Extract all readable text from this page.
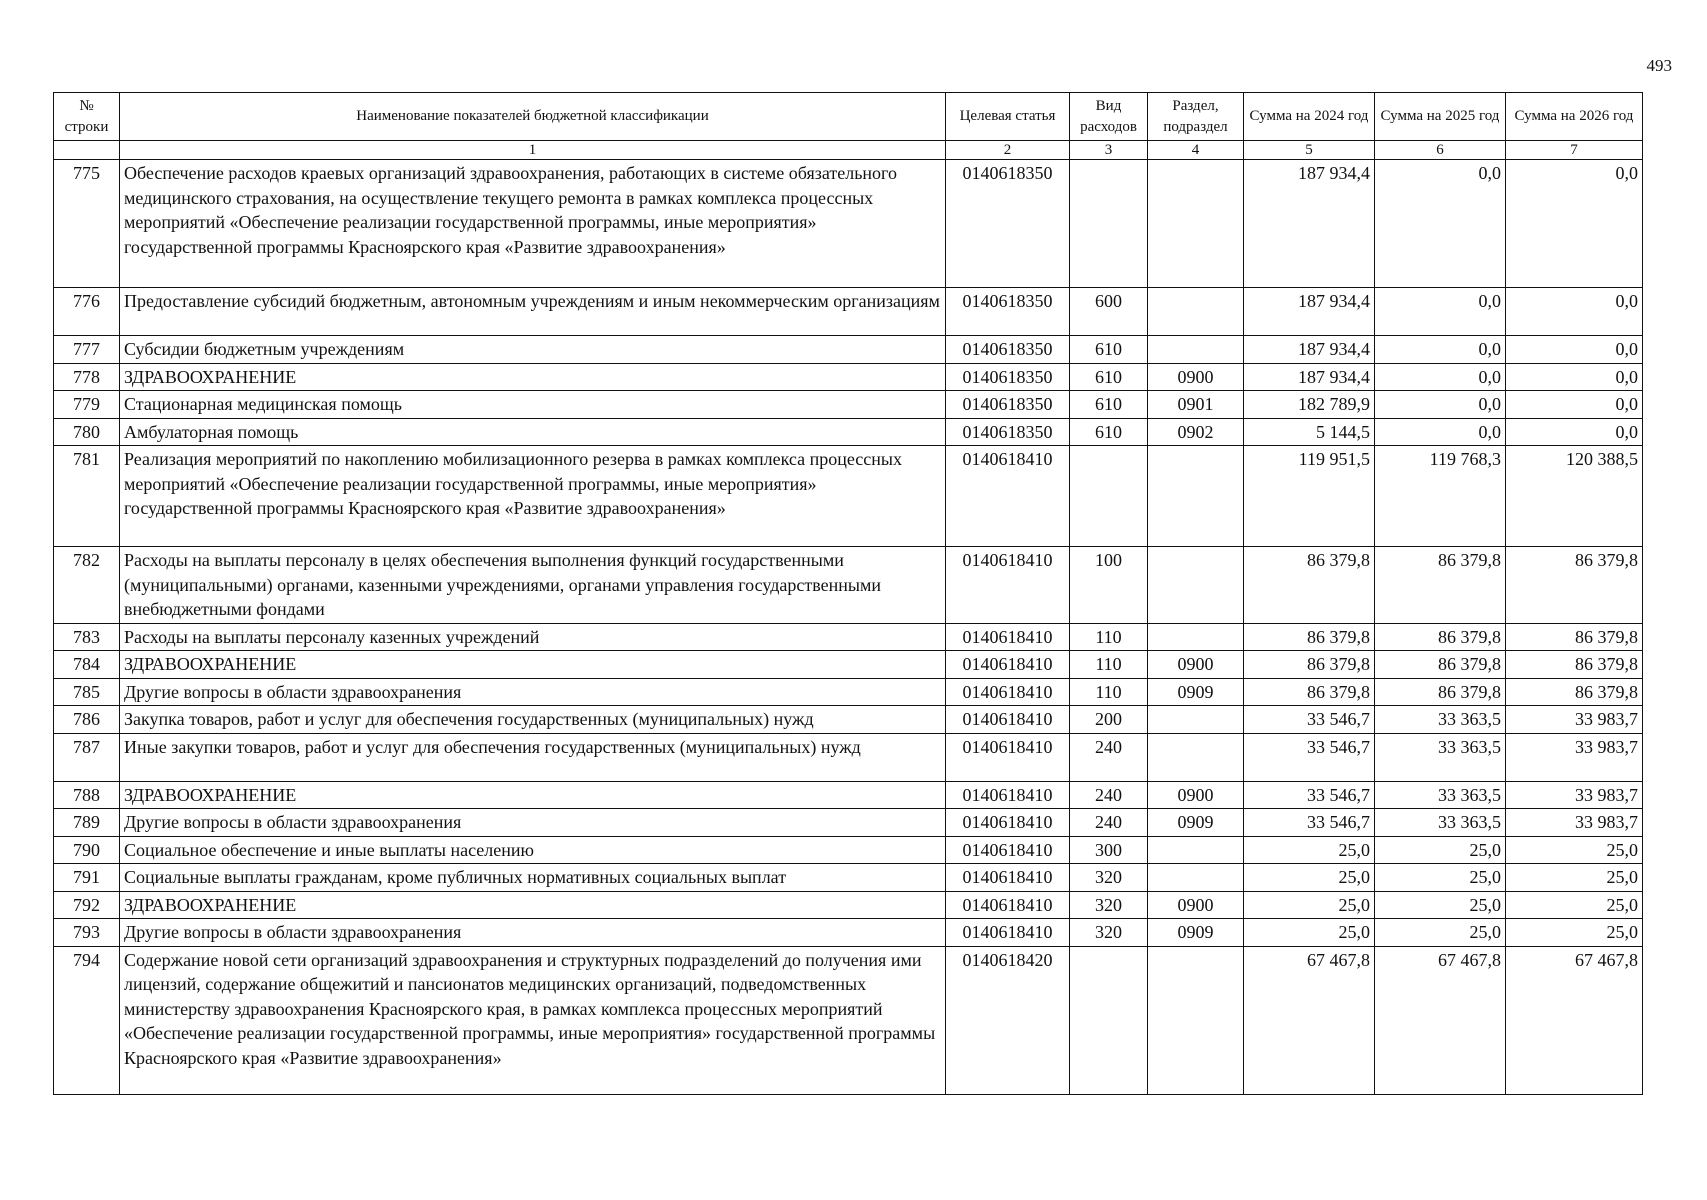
493
№ строки	Наименование показателей бюджетной классификации	Целевая статья	Вид расходов	Раздел, подраздел	Сумма на 2024 год	Сумма на 2025 год	Сумма на 2026 год
	1	2	3	4	5	6	7
775	Обеспечение расходов краевых организаций здравоохранения, работающих в системе обязательного медицинского страхования, на осуществление текущего ремонта в рамках комплекса процессных мероприятий «Обеспечение реализации государственной программы, иные мероприятия» государственной программы Красноярского края «Развитие здравоохранения»	0140618350			187 934,4	0,0	0,0
776	Предоставление субсидий бюджетным, автономным учреждениям и иным некоммерческим организациям	0140618350	600		187 934,4	0,0	0,0
777	Субсидии бюджетным учреждениям	0140618350	610		187 934,4	0,0	0,0
778	ЗДРАВООХРАНЕНИЕ	0140618350	610	0900	187 934,4	0,0	0,0
779	Стационарная медицинская помощь	0140618350	610	0901	182 789,9	0,0	0,0
780	Амбулаторная помощь	0140618350	610	0902	5 144,5	0,0	0,0
781	Реализация мероприятий по накоплению мобилизационного резерва в рамках комплекса процессных мероприятий «Обеспечение реализации государственной программы, иные мероприятия» государственной программы Красноярского края «Развитие здравоохранения»	0140618410			119 951,5	119 768,3	120 388,5
782	Расходы на выплаты персоналу в целях обеспечения выполнения функций государственными (муниципальными) органами, казенными учреждениями, органами управления государственными внебюджетными фондами	0140618410	100		86 379,8	86 379,8	86 379,8
783	Расходы на выплаты персоналу казенных учреждений	0140618410	110		86 379,8	86 379,8	86 379,8
784	ЗДРАВООХРАНЕНИЕ	0140618410	110	0900	86 379,8	86 379,8	86 379,8
785	Другие вопросы в области здравоохранения	0140618410	110	0909	86 379,8	86 379,8	86 379,8
786	Закупка товаров, работ и услуг для обеспечения государственных (муниципальных) нужд	0140618410	200		33 546,7	33 363,5	33 983,7
787	Иные закупки товаров, работ и услуг для обеспечения государственных (муниципальных) нужд	0140618410	240		33 546,7	33 363,5	33 983,7
788	ЗДРАВООХРАНЕНИЕ	0140618410	240	0900	33 546,7	33 363,5	33 983,7
789	Другие вопросы в области здравоохранения	0140618410	240	0909	33 546,7	33 363,5	33 983,7
790	Социальное обеспечение и иные выплаты населению	0140618410	300		25,0	25,0	25,0
791	Социальные выплаты гражданам, кроме публичных нормативных социальных выплат	0140618410	320		25,0	25,0	25,0
792	ЗДРАВООХРАНЕНИЕ	0140618410	320	0900	25,0	25,0	25,0
793	Другие вопросы в области здравоохранения	0140618410	320	0909	25,0	25,0	25,0
794	Содержание новой сети организаций здравоохранения и структурных подразделений до получения ими лицензий, содержание общежитий и пансионатов медицинских организаций, подведомственных министерству здравоохранения Красноярского края, в рамках комплекса процессных мероприятий «Обеспечение реализации государственной программы, иные мероприятия» государственной программы Красноярского края «Развитие здравоохранения»	0140618420			67 467,8	67 467,8	67 467,8
